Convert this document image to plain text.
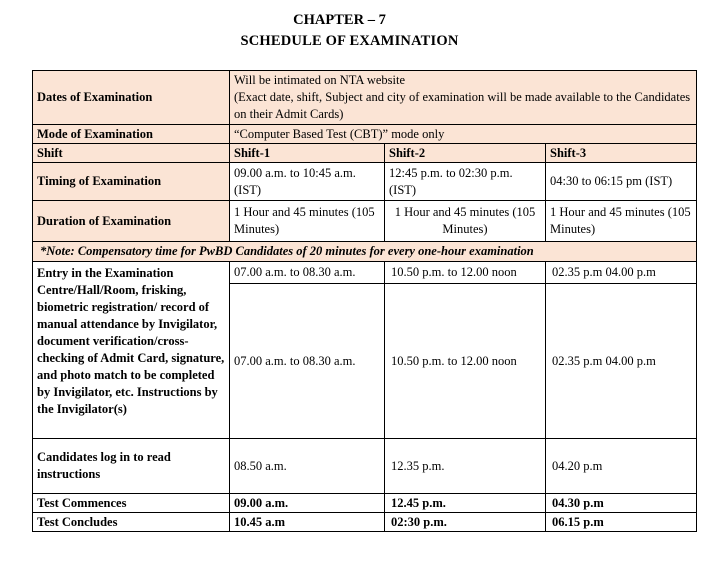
CHAPTER – 7
SCHEDULE OF EXAMINATION
Dates of Examination	Will be intimated on NTA website
(Exact date, shift, Subject and city of examination will be made available to the Candidates on their Admit Cards)		

Mode of Examination	“Computer Based Test (CBT)” mode only		
Shift	Shift-1	Shift-2	Shift-3
Timing of Examination	09.00 a.m. to 10:45 a.m. (IST)	12:45 p.m. to 02:30 p.m. (IST)	04:30 to 06:15 pm (IST)
Duration of Examination	1 Hour and 45 minutes (105 Minutes)	1 Hour and 45 minutes (105 Minutes)	1 Hour and 45 minutes (105 Minutes)
*Note: Compensatory time for PwBD Candidates of 20 minutes for every one-hour examination			
Entry in the Examination Centre/Hall/Room, frisking, biometric registration/ record of manual attendance by Invigilator, document verification/cross-checking of Admit Card, signature, and photo match to be completed by Invigilator, etc. Instructions by the Invigilator(s)	07.00 a.m. to 08.30 a.m.	10.50 p.m. to 12.00 noon	02.35 p.m 04.00 p.m
	07.00 a.m. to 08.30 a.m.	10.50 p.m. to 12.00 noon	02.35 p.m 04.00 p.m
Candidates log in to read instructions	08.50 a.m.	12.35 p.m.	04.20 p.m
Test Commences	09.00 a.m.	12.45 p.m.	04.30 p.m
Test Concludes	10.45 a.m	02:30 p.m.	06.15 p.m
